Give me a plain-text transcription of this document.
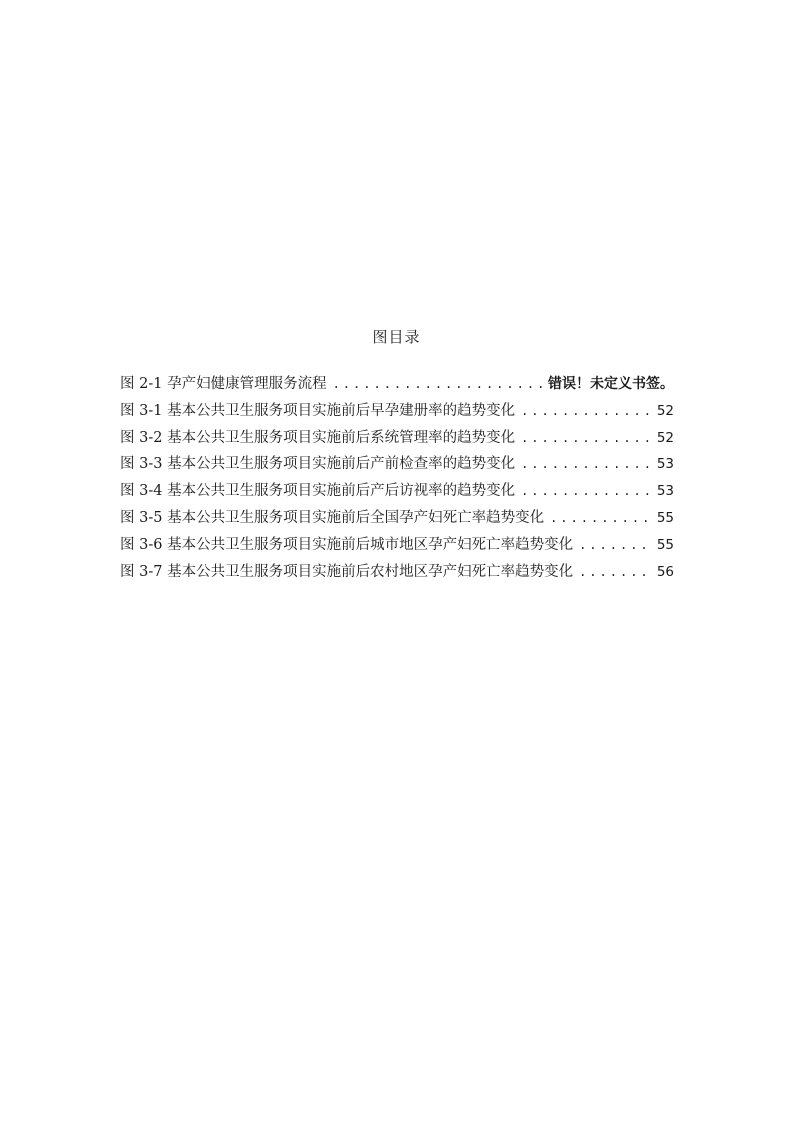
图目录
图 2-1 孕产妇健康管理服务流程 .....	错误！未定义书签。
图 3-1 基本公共卫生服务项目实施前后早孕建册率的趋势变化 .....	52
图 3-2 基本公共卫生服务项目实施前后系统管理率的趋势变化 .....	52
图 3-3 基本公共卫生服务项目实施前后产前检查率的趋势变化 .....	53
图 3-4 基本公共卫生服务项目实施前后产后访视率的趋势变化 .....	53
图 3-5 基本公共卫生服务项目实施前后全国孕产妇死亡率趋势变化 .....	55
图 3-6 基本公共卫生服务项目实施前后城市地区孕产妇死亡率趋势变化 .....	55
图 3-7 基本公共卫生服务项目实施前后农村地区孕产妇死亡率趋势变化 .....	56
